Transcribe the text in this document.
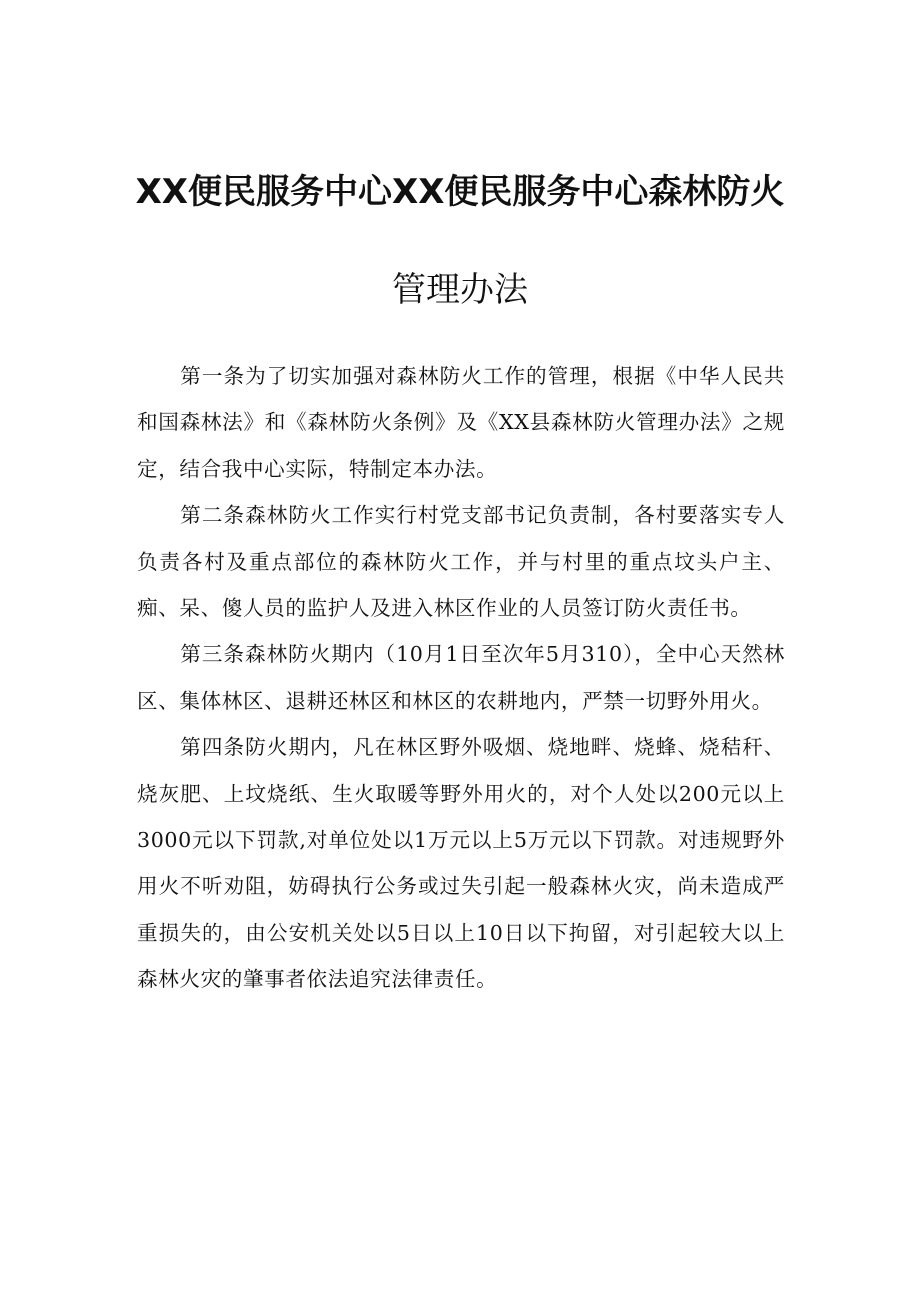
XX便民服务中心XX便民服务中心森林防火
管理办法

第一条为了切实加强对森林防火工作的管理，根据《中华人民共和国森林法》和《森林防火条例》及《XX县森林防火管理办法》之规定，结合我中心实际，特制定本办法。

第二条森林防火工作实行村党支部书记负责制，各村要落实专人负责各村及重点部位的森林防火工作，并与村里的重点坟头户主、痴、呆、傻人员的监护人及进入林区作业的人员签订防火责任书。

第三条森林防火期内（10月1日至次年5月310），全中心天然林区、集体林区、退耕还林区和林区的农耕地内，严禁一切野外用火。

第四条防火期内，凡在林区野外吸烟、烧地畔、烧蜂、烧秸秆、烧灰肥、上坟烧纸、生火取暖等野外用火的，对个人处以200元以上3000元以下罚款,对单位处以1万元以上5万元以下罚款。对违规野外用火不听劝阻，妨碍执行公务或过失引起一般森林火灾，尚未造成严重损失的，由公安机关处以5日以上10日以下拘留，对引起较大以上森林火灾的肇事者依法追究法律责任。
